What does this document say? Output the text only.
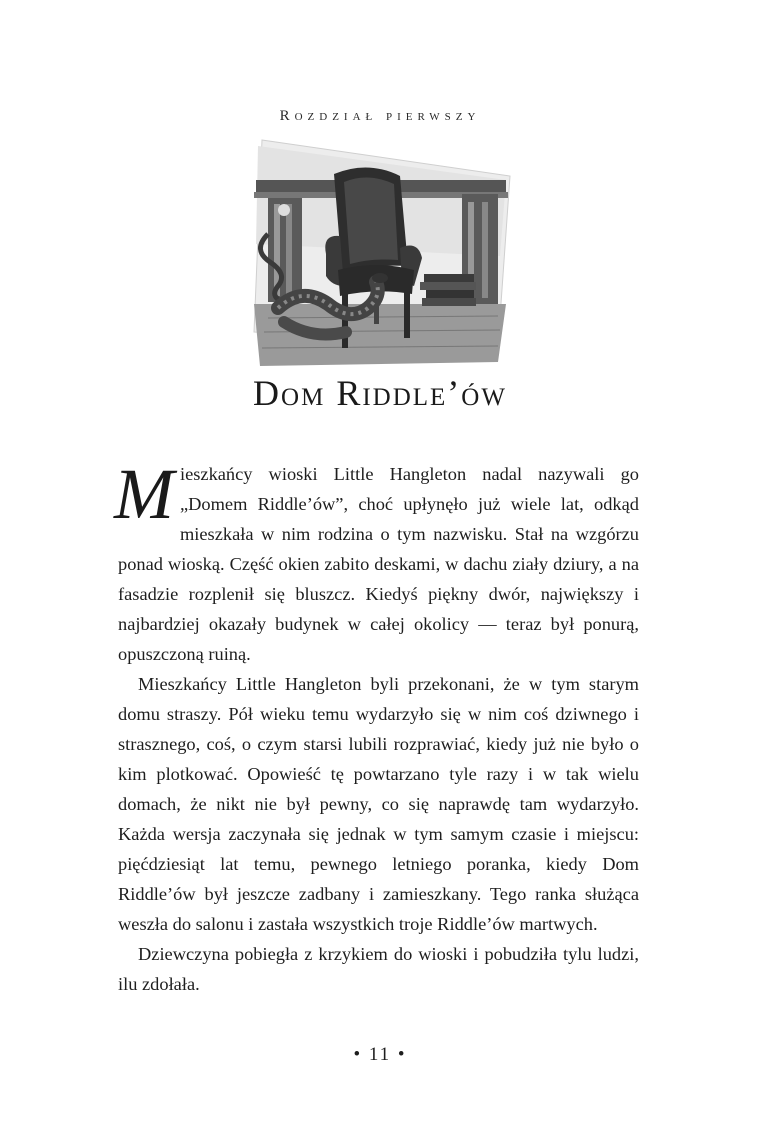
Rozdział pierwszy
Dom Riddle’ów

Mieszkańcy wioski Little Hangleton nadal nazywali go „Domem Riddle’ów”, choć upłynęło już wiele lat, odkąd mieszkała w nim rodzina o tym nazwisku. Stał na wzgórzu ponad wioską. Część okien zabito deskami, w dachu ziały dziury, a na fasadzie rozplenił się bluszcz. Kiedyś piękny dwór, największy i najbardziej okazały budynek w całej okolicy — teraz był ponurą, opuszczoną ruiną.

Mieszkańcy Little Hangleton byli przekonani, że w tym starym domu straszy. Pół wieku temu wydarzyło się w nim coś dziwnego i strasznego, coś, o czym starsi lubili rozprawiać, kiedy już nie było o kim plotkować. Opowieść tę powtarzano tyle razy i w tak wielu domach, że nikt nie był pewny, co się naprawdę tam wydarzyło. Każda wersja zaczynała się jednak w tym samym czasie i miejscu: pięćdziesiąt lat temu, pewnego letniego poranka, kiedy Dom Riddle’ów był jeszcze zadbany i zamieszkany. Tego ranka służąca weszła do salonu i zastała wszystkich troje Riddle’ów martwych.

Dziewczyna pobiegła z krzykiem do wioski i pobudziła tylu ludzi, ilu zdołała.

• 11 •
